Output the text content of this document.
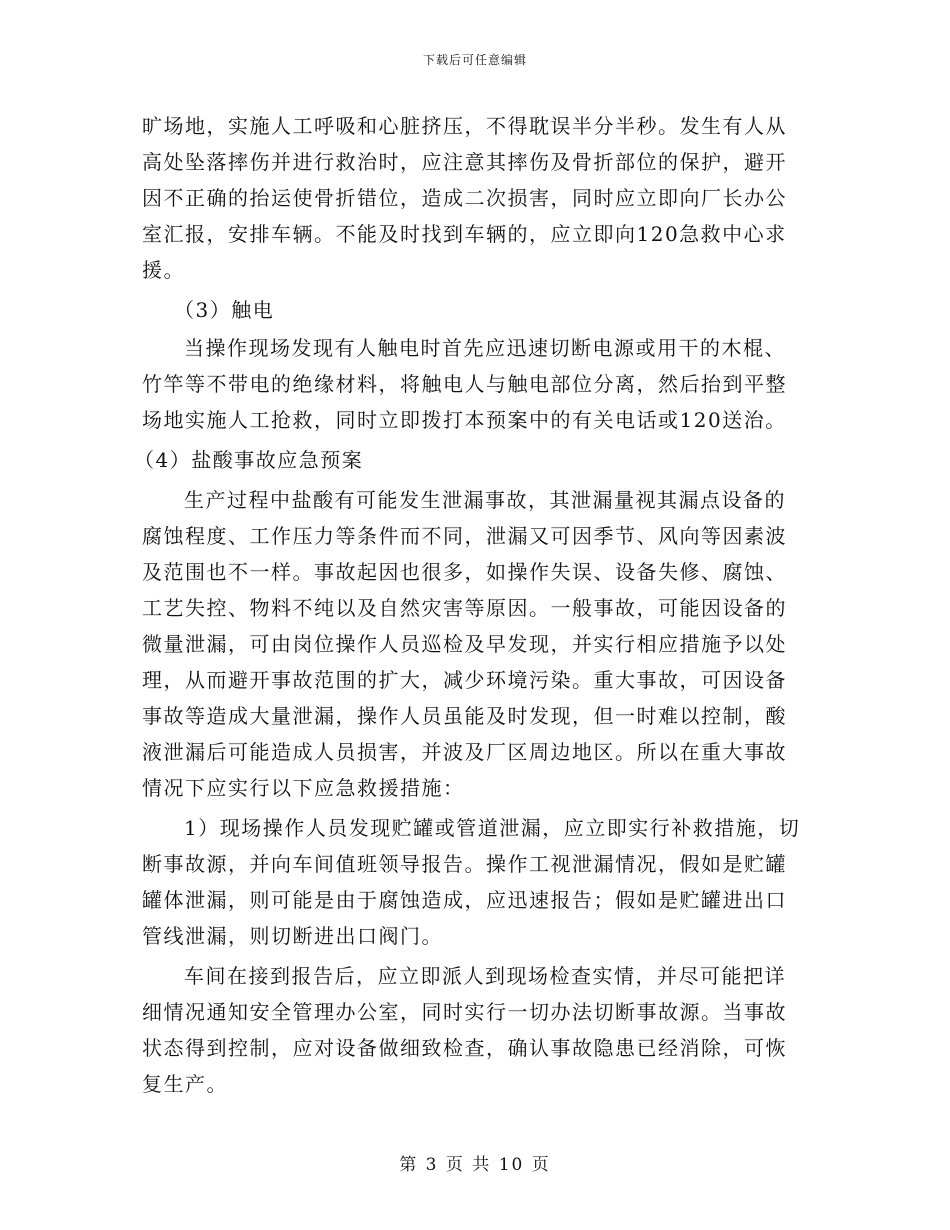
下载后可任意编辑
旷场地，实施人工呼吸和心脏挤压，不得耽误半分半秒。发生有人从
高处坠落摔伤并进行救治时，应注意其摔伤及骨折部位的保护，避开
因不正确的抬运使骨折错位，造成二次损害，同时应立即向厂长办公
室汇报，安排车辆。不能及时找到车辆的，应立即向120急救中心求
援。
（3）触电
当操作现场发现有人触电时首先应迅速切断电源或用干的木棍、
竹竿等不带电的绝缘材料，将触电人与触电部位分离，然后抬到平整
场地实施人工抢救，同时立即拨打本预案中的有关电话或120送治。
（4）盐酸事故应急预案
生产过程中盐酸有可能发生泄漏事故，其泄漏量视其漏点设备的
腐蚀程度、工作压力等条件而不同，泄漏又可因季节、风向等因素波
及范围也不一样。事故起因也很多，如操作失误、设备失修、腐蚀、
工艺失控、物料不纯以及自然灾害等原因。一般事故，可能因设备的
微量泄漏，可由岗位操作人员巡检及早发现，并实行相应措施予以处
理，从而避开事故范围的扩大，减少环境污染。重大事故，可因设备
事故等造成大量泄漏，操作人员虽能及时发现，但一时难以控制，酸
液泄漏后可能造成人员损害，并波及厂区周边地区。所以在重大事故
情况下应实行以下应急救援措施：
1）现场操作人员发现贮罐或管道泄漏，应立即实行补救措施，切
断事故源，并向车间值班领导报告。操作工视泄漏情况，假如是贮罐
罐体泄漏，则可能是由于腐蚀造成，应迅速报告；假如是贮罐进出口
管线泄漏，则切断进出口阀门。
车间在接到报告后，应立即派人到现场检查实情，并尽可能把详
细情况通知安全管理办公室，同时实行一切办法切断事故源。当事故
状态得到控制，应对设备做细致检查，确认事故隐患已经消除，可恢
复生产。
第 3 页 共 10 页
